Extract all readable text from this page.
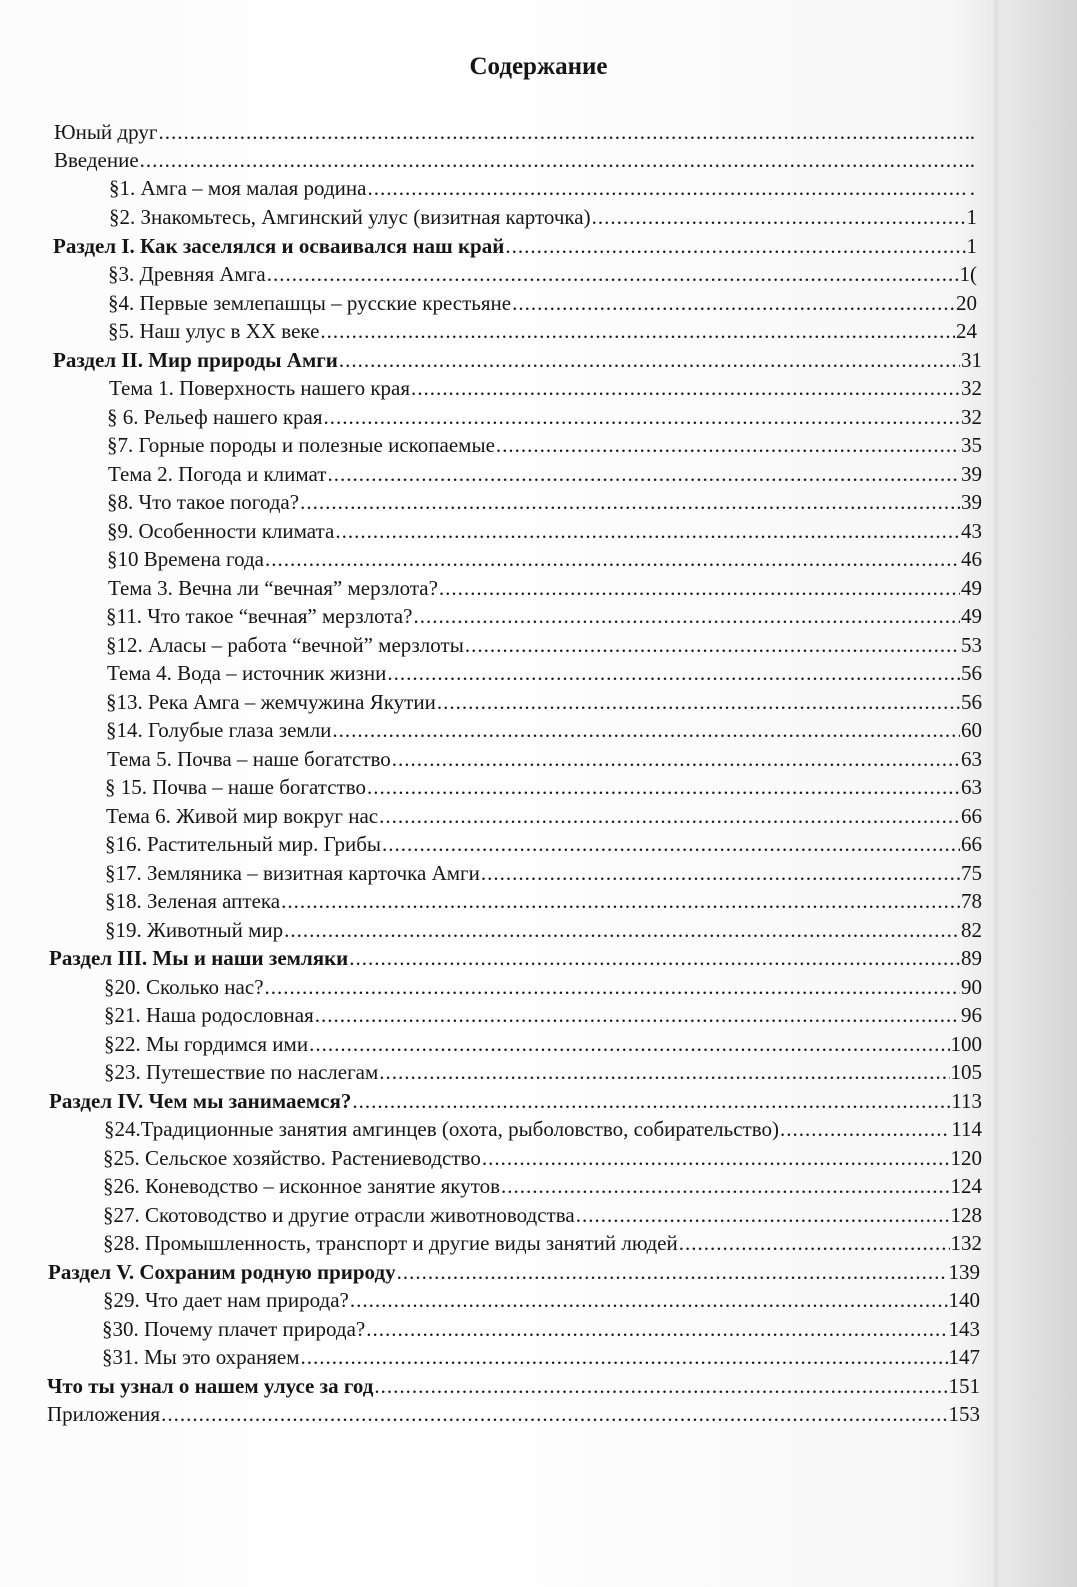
Содержание
Юный друг .....	.
Введение .....	.
§1. Амга – моя малая родина .....	.
§2. Знакомьтесь, Амгинский улус (визитная карточка) .....	1
Раздел I. Как заселялся и осваивался наш край .....	1
§3. Древняя Амга .....	1(
§4. Первые землепашцы – русские крестьяне .....	20
§5. Наш улус в XX веке .....	24
Раздел II. Мир природы Амги .....	31
Тема 1. Поверхность нашего края .....	32
§ 6. Рельеф нашего края .....	32
§7. Горные породы и полезные ископаемые .....	35
Тема 2. Погода и климат .....	39
§8. Что такое погода? .....	39
§9. Особенности климата .....	43
§10 Времена года .....	46
Тема 3. Вечна ли “вечная” мерзлота? .....	49
§11. Что такое “вечная” мерзлота? .....	49
§12. Аласы – работа “вечной” мерзлоты .....	53
Тема 4. Вода – источник жизни .....	56
§13. Река Амга – жемчужина Якутии .....	56
§14. Голубые глаза земли .....	60
Тема 5. Почва – наше богатство .....	63
§ 15. Почва – наше богатство .....	63
Тема 6. Живой мир вокруг нас .....	66
§16. Растительный мир. Грибы .....	66
§17. Земляника – визитная карточка Амги .....	75
§18. Зеленая аптека .....	78
§19. Животный мир .....	82
Раздел III. Мы и наши земляки .....	89
§20. Сколько нас? .....	90
§21. Наша родословная .....	96
§22. Мы гордимся ими .....	100
§23. Путешествие по наслегам .....	105
Раздел IV. Чем мы занимаемся? .....	113
§24.Традиционные занятия амгинцев (охота, рыболовство, собирательство) .....	114
§25. Сельское хозяйство. Растениеводство .....	120
§26. Коневодство – исконное занятие якутов .....	124
§27. Скотоводство и другие отрасли животноводства .....	128
§28. Промышленность, транспорт и другие виды занятий людей .....	132
Раздел V. Сохраним родную природу .....	139
§29. Что дает нам природа? .....	140
§30. Почему плачет природа? .....	143
§31. Мы это охраняем .....	147
Что ты узнал о нашем улусе за год .....	151
Приложения .....	153
